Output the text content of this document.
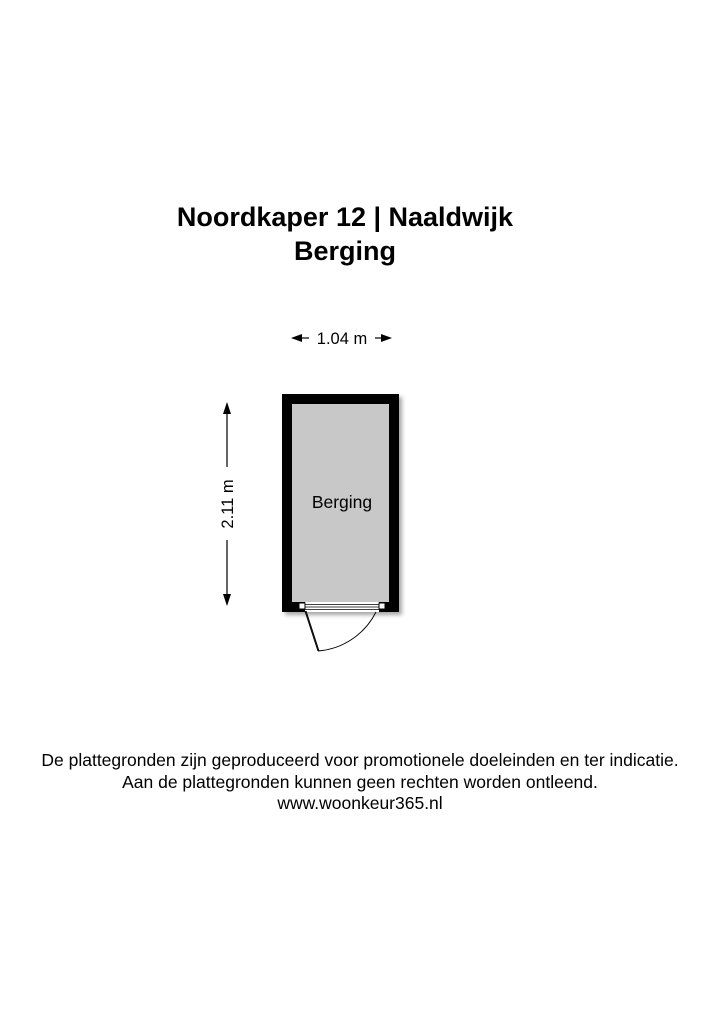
Noordkaper 12 | Naaldwijk
Berging
1.04 m
2.11 m	Berging
De plattegronden zijn geproduceerd voor promotionele doeleinden en ter indicatie.
Aan de plattegronden kunnen geen rechten worden ontleend.
www.woonkeur365.nl
